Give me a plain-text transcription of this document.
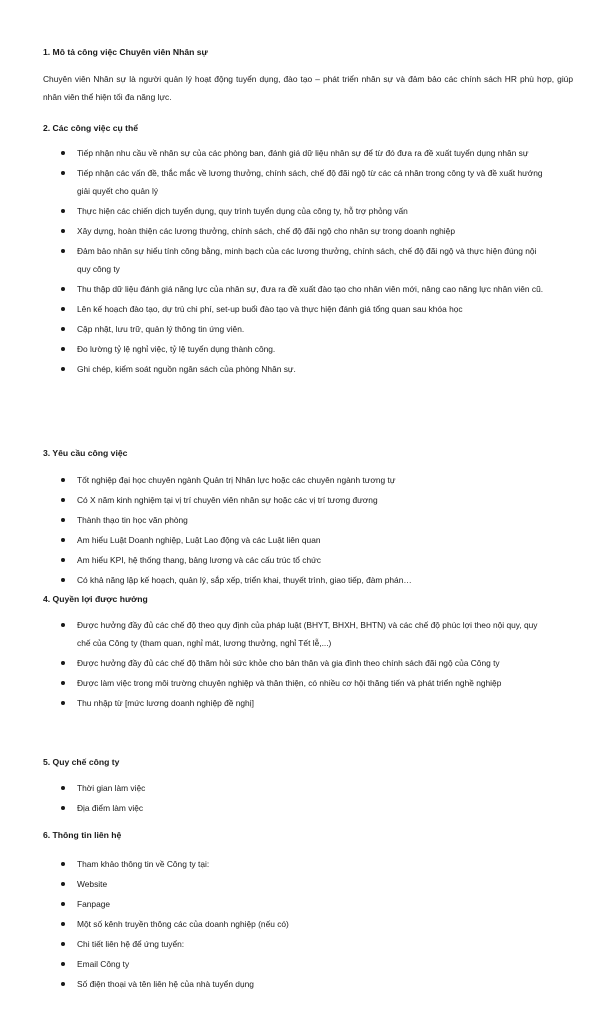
1. Mô tả công việc Chuyên viên Nhân sự

Chuyên viên Nhân sự là người quản lý hoạt động tuyển dụng, đào tạo – phát triển nhân sự và đảm bảo các chính sách HR phù hợp, giúp nhân viên thể hiện tối đa năng lực.

2. Các công việc cụ thể
Tiếp nhận nhu cầu về nhân sự của các phòng ban, đánh giá dữ liệu nhân sự để từ đó đưa ra đề xuất tuyển dụng nhân sự
Tiếp nhận các vấn đề, thắc mắc về lương thưởng, chính sách, chế độ đãi ngộ từ các cá nhân trong công ty và đề xuất hướng giải quyết cho quản lý
Thực hiện các chiến dịch tuyển dụng, quy trình tuyển dụng của công ty, hỗ trợ phỏng vấn
Xây dựng, hoàn thiện các lương thưởng, chính sách, chế độ đãi ngộ cho nhân sự trong doanh nghiệp
Đảm bảo nhân sự hiểu tính công bằng, minh bạch của các lương thưởng, chính sách, chế độ đãi ngộ và thực hiện đúng nội quy công ty
Thu thập dữ liệu đánh giá năng lực của nhân sự, đưa ra đề xuất đào tạo cho nhân viên mới, nâng cao năng lực nhân viên cũ.
Lên kế hoạch đào tạo, dự trù chi phí, set-up buổi đào tạo và thực hiện đánh giá tổng quan sau khóa học
Cập nhật, lưu trữ, quản lý thông tin ứng viên.
Đo lường tỷ lệ nghỉ việc, tỷ lệ tuyển dụng thành công.
Ghi chép, kiểm soát nguồn ngân sách của phòng Nhân sự.
3. Yêu cầu công việc
Tốt nghiệp đại học chuyên ngành Quản trị Nhân lực hoặc các chuyên ngành tương tự
Có X năm kinh nghiệm tại vị trí chuyên viên nhân sự hoặc các vị trí tương đương
Thành thạo tin học văn phòng
Am hiểu Luật Doanh nghiệp, Luật Lao động và các Luật liên quan
Am hiểu KPI, hệ thống thang, bảng lương và các cấu trúc tổ chức
Có khả năng lập kế hoạch, quản lý, sắp xếp, triển khai, thuyết trình, giao tiếp, đàm phán…
4. Quyền lợi được hưởng
Được hưởng đầy đủ các chế độ theo quy định của pháp luật (BHYT, BHXH, BHTN) và các chế độ phúc lợi theo nội quy, quy chế của Công ty (tham quan, nghỉ mát, lương thưởng, nghỉ Tết lễ,...)
Được hưởng đầy đủ các chế độ thăm hỏi sức khỏe cho bản thân và gia đình theo chính sách đãi ngộ của Công ty
Được làm việc trong môi trường chuyên nghiệp và thân thiện, có nhiều cơ hội thăng tiến và phát triển nghề nghiệp
Thu nhập từ [mức lương doanh nghiệp đề nghị]
5. Quy chế công ty
Thời gian làm việc
Địa điểm làm việc
6. Thông tin liên hệ
Tham khảo thông tin về Công ty tại:
Website
Fanpage
Một số kênh truyền thông các của doanh nghiệp (nếu có)
Chi tiết liên hệ để ứng tuyển:
Email Công ty
Số điện thoại và tên liên hệ của nhà tuyển dụng
